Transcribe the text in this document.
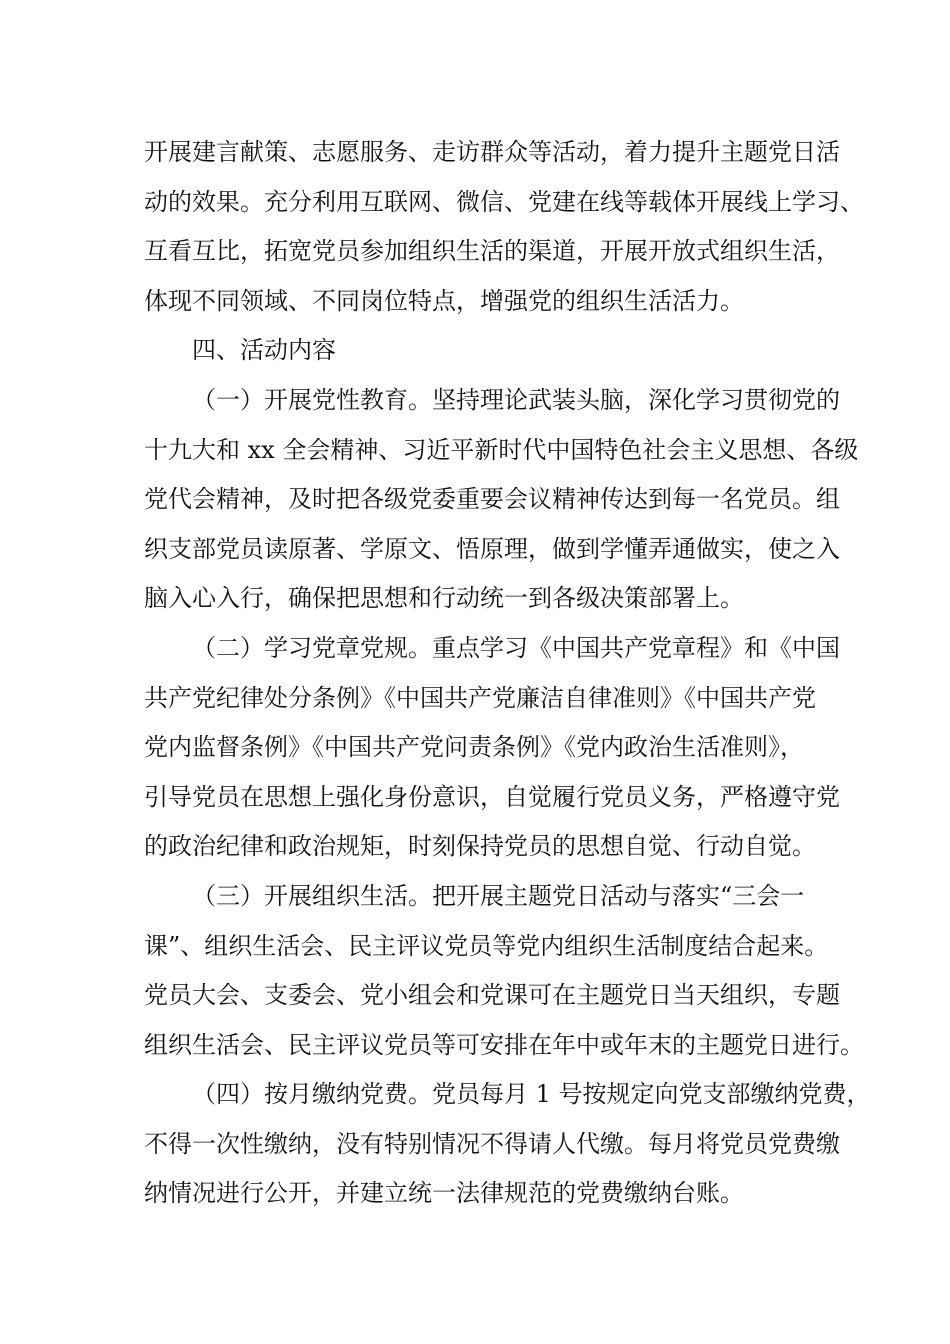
开展建言献策、志愿服务、走访群众等活动，着力提升主题党日活
动的效果。充分利用互联网、微信、党建在线等载体开展线上学习、
互看互比，拓宽党员参加组织生活的渠道，开展开放式组织生活，
体现不同领域、不同岗位特点，增强党的组织生活活力。
四、活动内容
（一）开展党性教育。坚持理论武装头脑，深化学习贯彻党的
十九大和 xx 全会精神、习近平新时代中国特色社会主义思想、各级
党代会精神，及时把各级党委重要会议精神传达到每一名党员。组
织支部党员读原著、学原文、悟原理，做到学懂弄通做实，使之入
脑入心入行，确保把思想和行动统一到各级决策部署上。
（二）学习党章党规。重点学习《中国共产党章程》和《中国
共产党纪律处分条例》《中国共产党廉洁自律准则》《中国共产党
党内监督条例》《中国共产党问责条例》《党内政治生活准则》，
引导党员在思想上强化身份意识，自觉履行党员义务，严格遵守党
的政治纪律和政治规矩，时刻保持党员的思想自觉、行动自觉。
（三）开展组织生活。把开展主题党日活动与落实“三会一
课”、组织生活会、民主评议党员等党内组织生活制度结合起来。
党员大会、支委会、党小组会和党课可在主题党日当天组织，专题
组织生活会、民主评议党员等可安排在年中或年末的主题党日进行。
（四）按月缴纳党费。党员每月 1 号按规定向党支部缴纳党费，
不得一次性缴纳，没有特别情况不得请人代缴。每月将党员党费缴
纳情况进行公开，并建立统一法律规范的党费缴纳台账。
